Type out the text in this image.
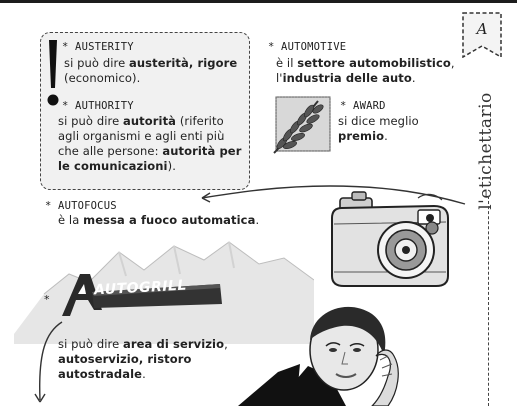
A
l'etichettario
* AUSTERITY
si può dire austerità, rigore
(economico).
* AUTHORITY
si può dire autorità (riferito
agli organismi e agli enti più
che alle persone: autorità per
le comunicazioni).
* AUTOMOTIVE
è il settore automobilistico,
l'industria delle auto.
* AWARD
si dice meglio
premio.
* AUTOFOCUS
è la messa a fuoco automatica.
*
AUTOGRILL
si può dire area di servizio,
autoservizio, ristoro
autostradale.
